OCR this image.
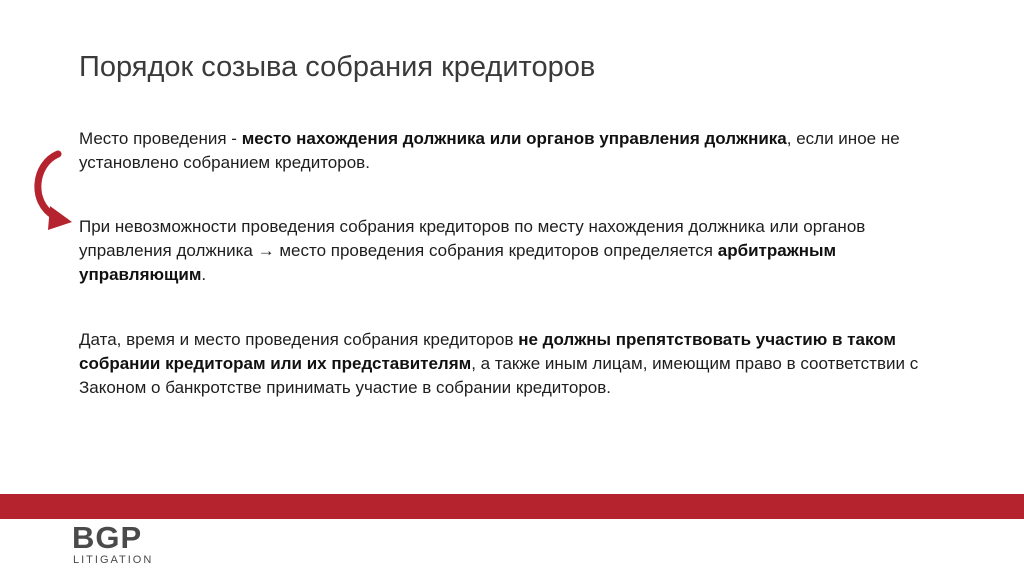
Порядок созыва собрания кредиторов

Место проведения - место нахождения должника или органов управления должника, если иное не установлено собранием кредиторов.

При невозможности проведения собрания кредиторов по месту нахождения должника или органов управления должника → место проведения собрания кредиторов определяется арбитражным управляющим.

Дата, время и место проведения собрания кредиторов не должны препятствовать участию в таком собрании кредиторам или их представителям, а также иным лицам, имеющим право в соответствии с Законом о банкротстве принимать участие в собрании кредиторов.

BGP
LITIGATION
